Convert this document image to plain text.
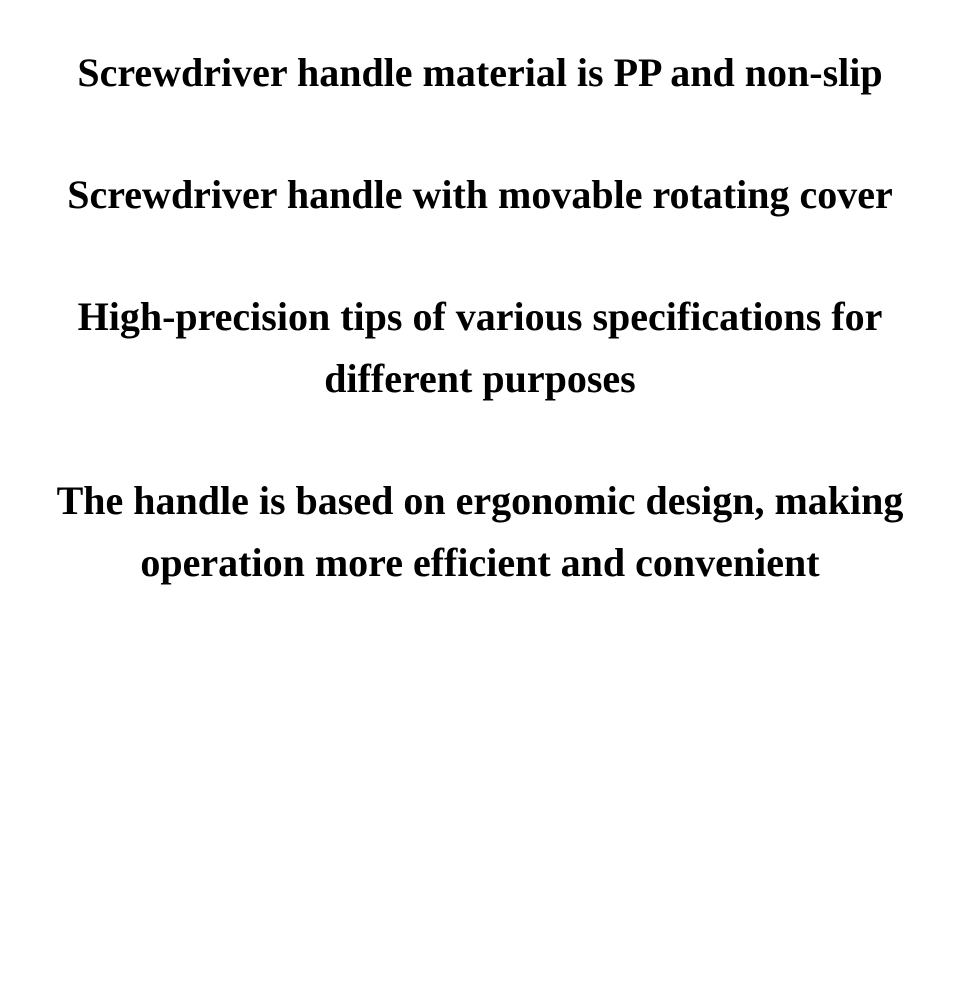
Screwdriver handle material is PP and non-slip

Screwdriver handle with movable rotating cover

High-precision tips of various specifications for different purposes

The handle is based on ergonomic design, making operation more efficient and convenient
